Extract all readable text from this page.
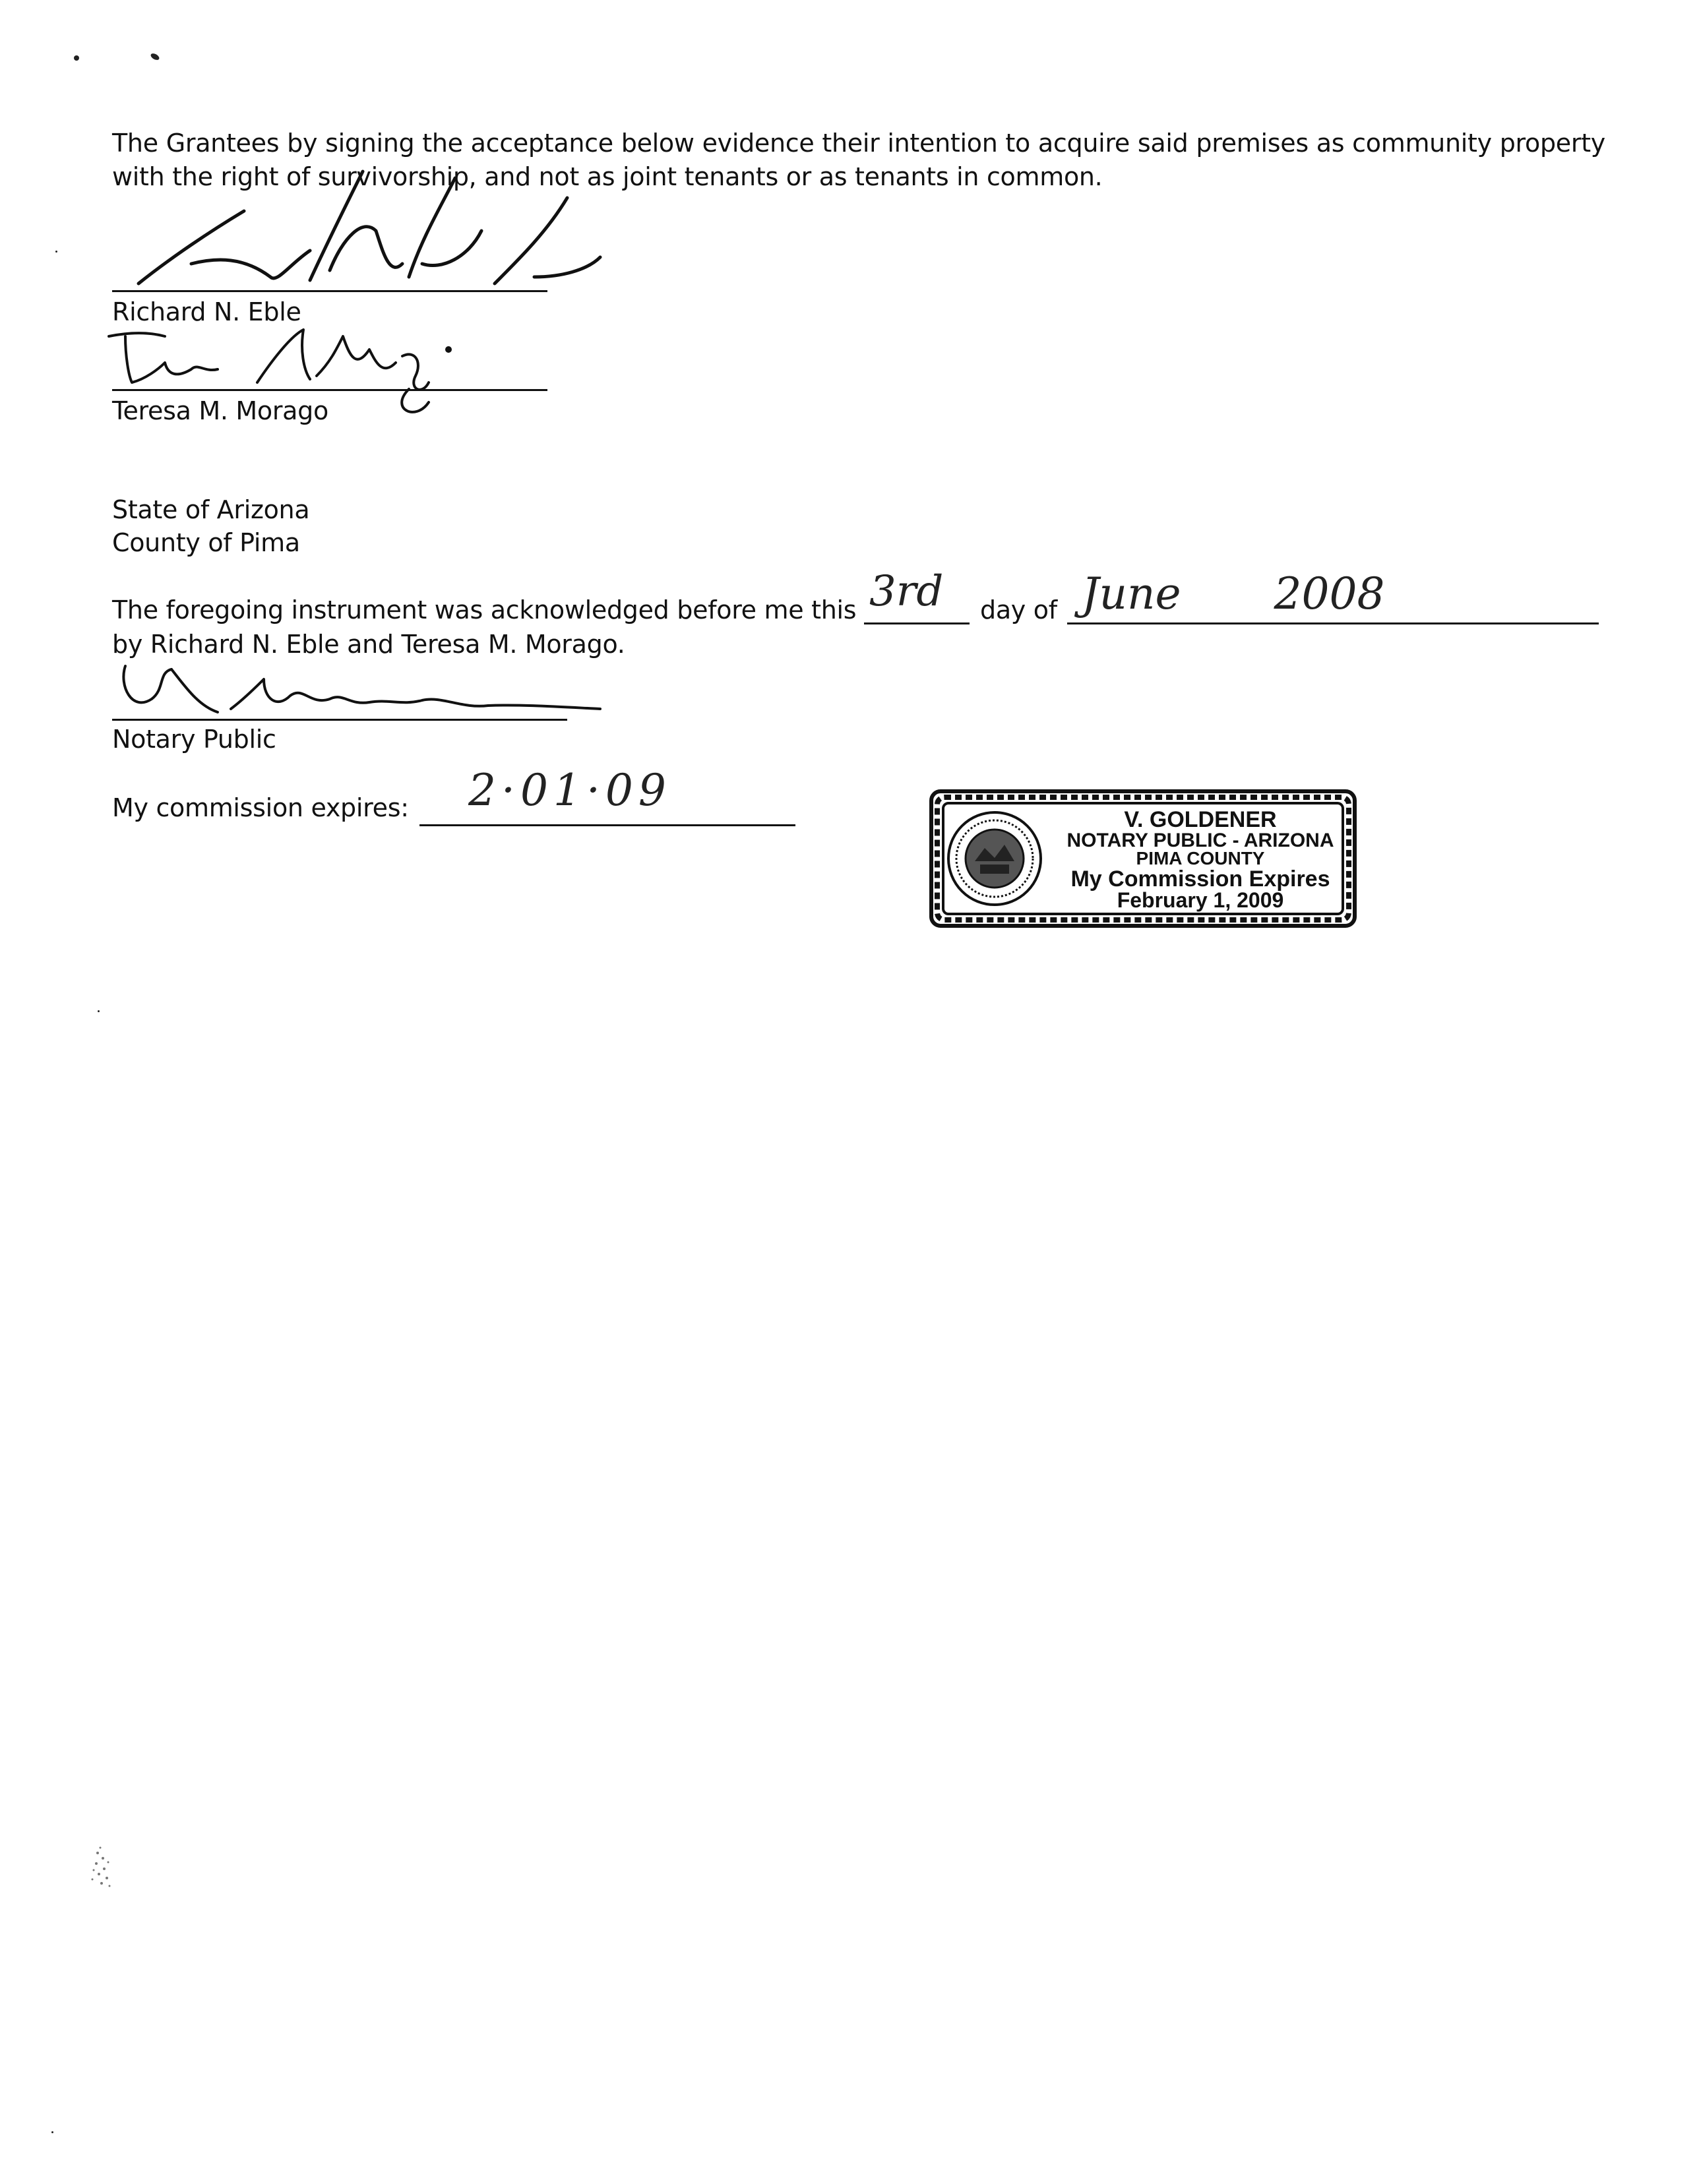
The Grantees by signing the acceptance below evidence their intention to acquire said premises as community property
with the right of survivorship, and not as joint tenants or as tenants in common.
Richard N. Eble
Teresa M. Morago
State of Arizona
County of Pima
The foregoing instrument was acknowledged before me this 3rd day of June 2008
by Richard N. Eble and Teresa M. Morago.
Notary Public
My commission expires: 2·01·09
V. GOLDENER
NOTARY PUBLIC - ARIZONA
PIMA COUNTY
My Commission Expires
February 1, 2009
